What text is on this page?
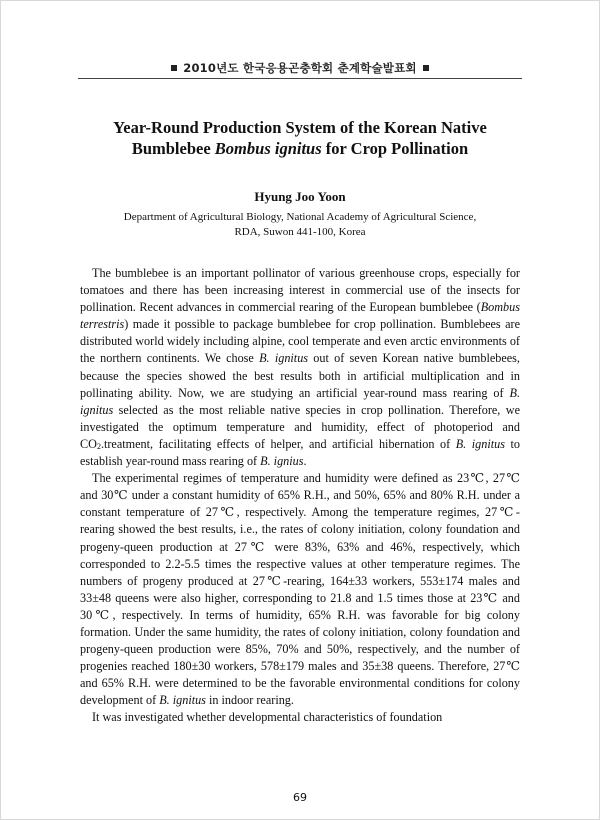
2010년도 한국응용곤충학회 춘계학술발표회
Year-Round Production System of the Korean Native
Bumblebee Bombus ignitus for Crop Pollination
Hyung Joo Yoon
Department of Agricultural Biology, National Academy of Agricultural Science,
RDA, Suwon 441-100, Korea

The bumblebee is an important pollinator of various greenhouse crops, especially for tomatoes and there has been increasing interest in commercial use of the insects for pollination. Recent advances in commercial rearing of the European bumblebee (Bombus terrestris) made it possible to package bumblebee for crop pollination. Bumblebees are distributed world widely including alpine, cool temperate and even arctic environments of the northern continents. We chose B. ignitus out of seven Korean native bumblebees, because the species showed the best results both in artificial multiplication and in pollinating ability. Now, we are studying an artificial year-round mass rearing of B. ignitus selected as the most reliable native species in crop pollination. Therefore, we investigated the optimum temperature and humidity, effect of photoperiod and $CO_2.treatment$, facilitating effects of helper, and artificial hibernation of B. ignitus to establish year-round mass rearing of B. ignius.

The experimental regimes of temperature and humidity were defined as 23℃, 27℃ and 30℃ under a constant humidity of 65% R.H., and 50%, 65% and 80% R.H. under a constant temperature of 27℃, respectively. Among the temperature regimes, 27℃-rearing showed the best results, i.e., the rates of colony initiation, colony foundation and progeny-queen production at 27℃ were 83%, 63% and 46%, respectively, which corresponded to 2.2-5.5 times the respective values at other temperature regimes. The numbers of progeny produced at 27℃-rearing, 164±33 workers, 553±174 males and 33±48 queens were also higher, corresponding to 21.8 and 1.5 times those at 23℃ and 30℃, respectively. In terms of humidity, 65% R.H. was favorable for big colony formation. Under the same humidity, the rates of colony initiation, colony foundation and progeny-queen production were 85%, 70% and 50%, respectively, and the number of progenies reached 180±30 workers, 578±179 males and 35±38 queens. Therefore, 27℃ and 65% R.H. were determined to be the favorable environmental conditions for colony development of B. ignitus in indoor rearing.

It was investigated whether developmental characteristics of foundation

69
